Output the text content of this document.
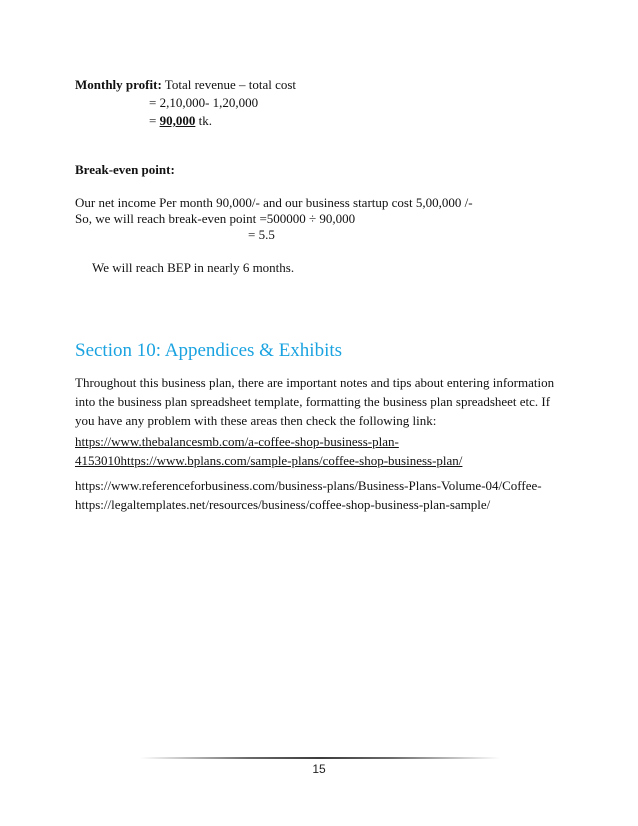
Monthly profit: Total revenue – total cost
= 2,10,000- 1,20,000
= 90,000 tk.
Break-even point:
Our net income Per month 90,000/- and our business startup cost 5,00,000 /-
So, we will reach break-even point =500000 ÷ 90,000
= 5.5
We will reach BEP in nearly 6 months.
Section 10: Appendices & Exhibits
Throughout this business plan, there are important notes and tips about entering information into the business plan spreadsheet template, formatting the business plan spreadsheet etc. If you have any problem with these areas then check the following link:
https://www.thebalancesmb.com/a-coffee-shop-business-plan-
4153010https://www.bplans.com/sample-plans/coffee-shop-business-plan/
https://www.referenceforbusiness.com/business-plans/Business-Plans-Volume-04/Coffee-
https://legaltemplates.net/resources/business/coffee-shop-business-plan-sample/
15
